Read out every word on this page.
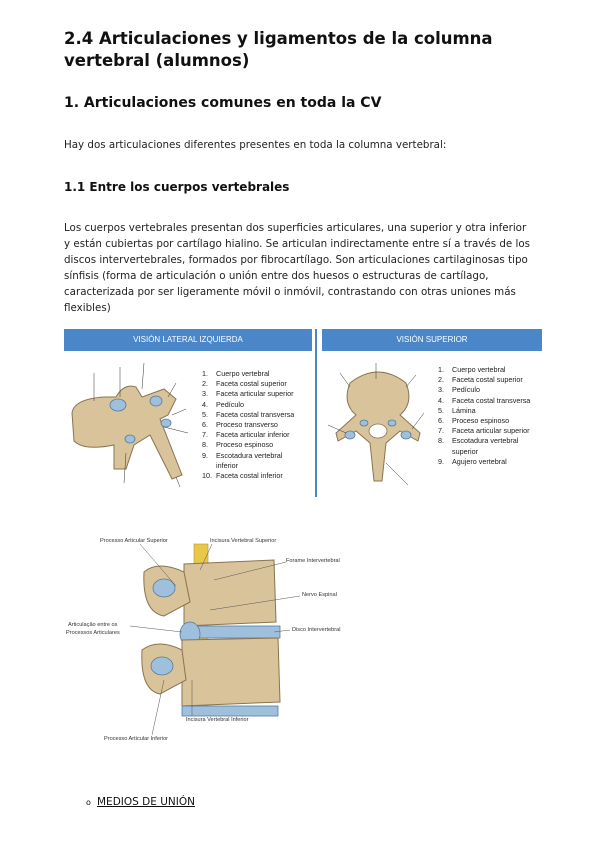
2.4 Articulaciones y ligamentos de la columna vertebral (alumnos)
1. Articulaciones comunes en toda la CV
Hay dos articulaciones diferentes presentes en toda la columna vertebral:
1.1 Entre los cuerpos vertebrales
Los cuerpos vertebrales presentan dos superficies articulares, una superior y otra inferior
y están cubiertas por cartílago hialino. Se articulan indirectamente entre sí a través de los
discos intervertebrales, formados por fibrocartílago. Son articulaciones cartilaginosas tipo
sínfisis (forma de articulación o unión entre dos huesos o estructuras de cartílago,
caracterizada por ser ligeramente móvil o inmóvil, contrastando con otras uniones más
flexibles)
VISIÓN LATERAL IZQUIERDA	VISIÓN SUPERIOR
1. Cuerpo vertebral
2. Faceta costal superior
3. Faceta articular superior
4. Pedículo
5. Faceta costal transversa
6. Proceso transverso
7. Faceta articular inferior
8. Proceso espinoso
9. Escotadura vertebral
inferior
10. Faceta costal inferior
1. Cuerpo vertebral
2. Faceta costal superior
3. Pedículo
4. Faceta costal transversa
5. Lámina
6. Proceso espinoso
7. Faceta articular superior
8. Escotadura vertebral
superior
9. Agujero vertebral
Processo Articular Superior	Incisura Vertebral Superior
Forame Intervertebral
Nervo Espinal
Disco Intervertebral
Articulação entre os
Processos Articulares
Incisura Vertebral Inferior
Processo Articular Inferior
o MEDIOS DE UNIÓN
